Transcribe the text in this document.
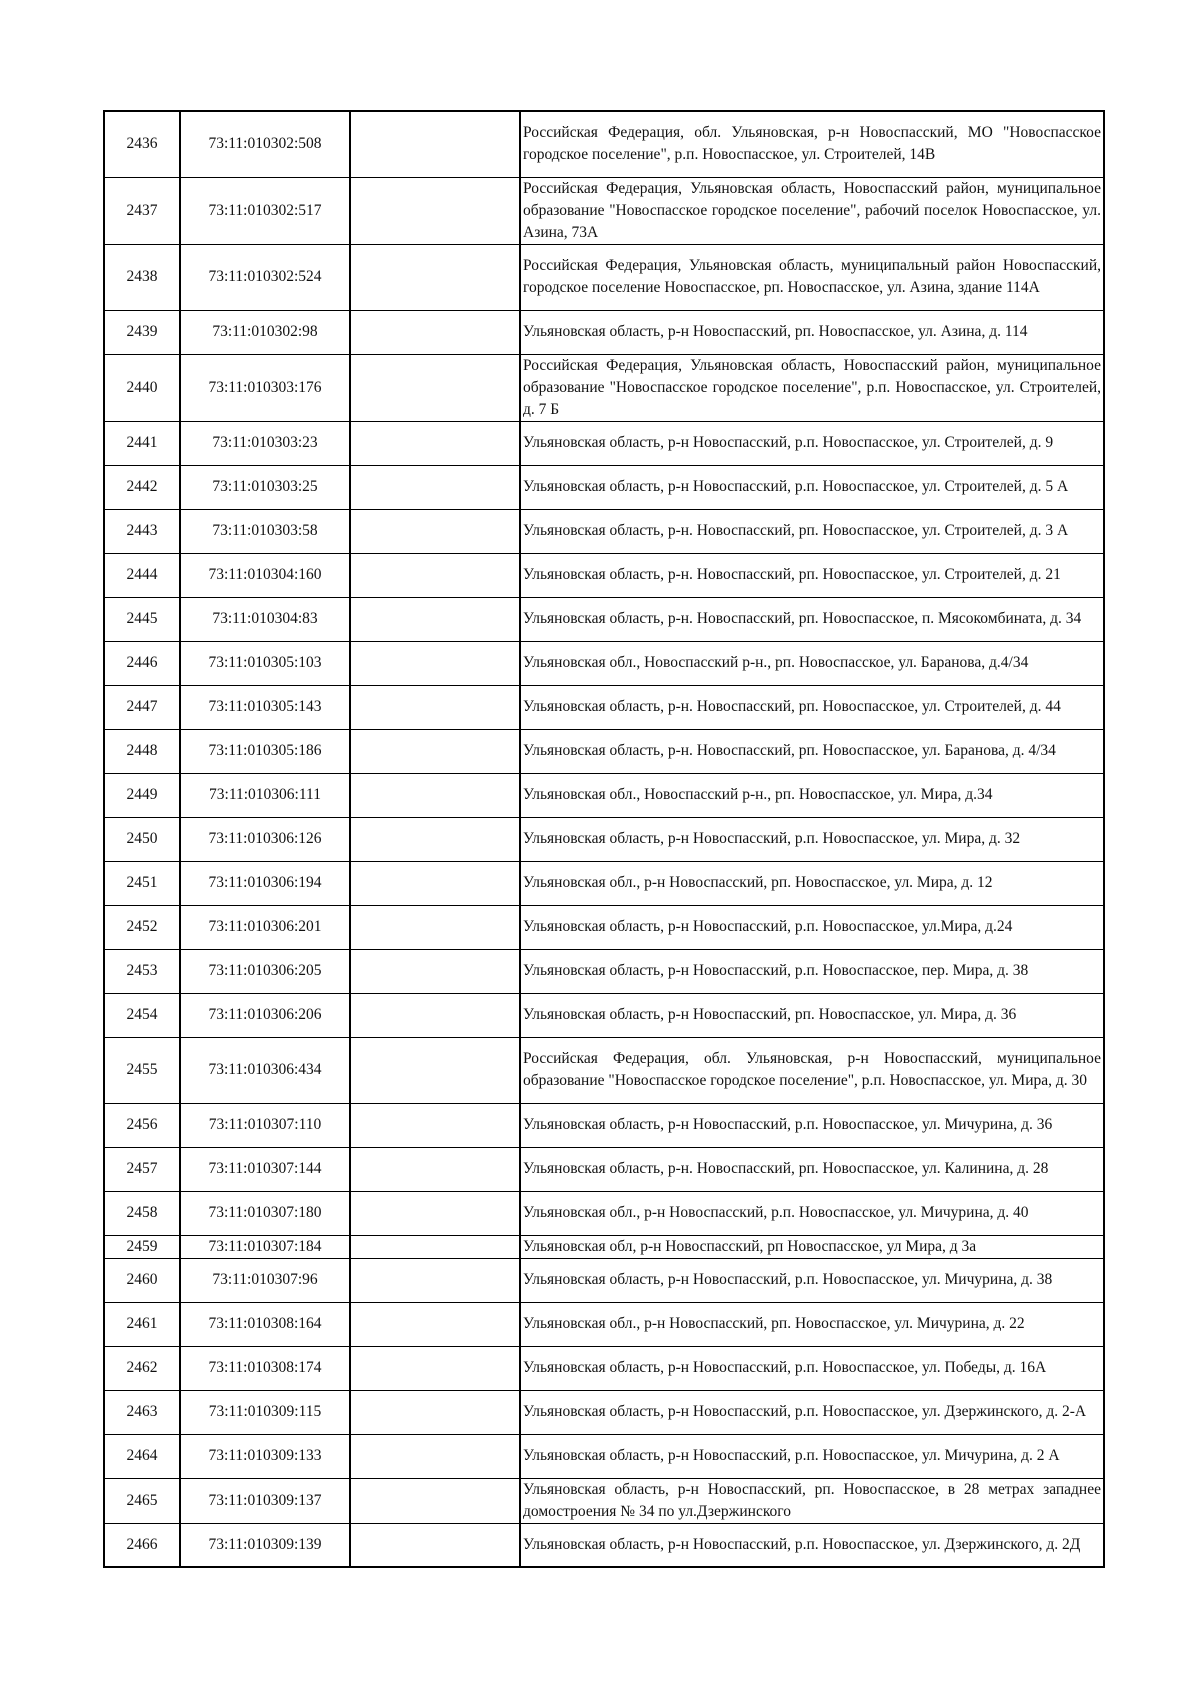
2436	73:11:010302:508		Российская Федерация, обл. Ульяновская, р-н Новоспасский, МО "Новоспасское городское поселение", р.п. Новоспасское, ул. Строителей, 14В
2437	73:11:010302:517		Российская Федерация, Ульяновская область, Новоспасский район, муниципальное образование "Новоспасское городское поселение", рабочий поселок Новоспасское, ул. Азина, 73А
2438	73:11:010302:524		Российская Федерация, Ульяновская область, муниципальный район Новоспасский, городское поселение Новоспасское, рп. Новоспасское, ул. Азина, здание 114А
2439	73:11:010302:98		Ульяновская область, р-н Новоспасский, рп. Новоспасское, ул. Азина, д. 114
2440	73:11:010303:176		Российская Федерация, Ульяновская область, Новоспасский район, муниципальное образование "Новоспасское городское поселение", р.п. Новоспасское, ул. Строителей, д. 7 Б
2441	73:11:010303:23		Ульяновская область, р-н Новоспасский, р.п. Новоспасское, ул. Строителей, д. 9
2442	73:11:010303:25		Ульяновская область, р-н Новоспасский, р.п. Новоспасское, ул. Строителей, д. 5 А
2443	73:11:010303:58		Ульяновская область, р-н. Новоспасский, рп. Новоспасское, ул. Строителей, д. 3 А
2444	73:11:010304:160		Ульяновская область, р-н. Новоспасский, рп. Новоспасское, ул. Строителей, д. 21
2445	73:11:010304:83		Ульяновская область, р-н. Новоспасский, рп. Новоспасское, п. Мясокомбината, д. 34
2446	73:11:010305:103		Ульяновская обл., Новоспасский р-н., рп. Новоспасское, ул. Баранова, д.4/34
2447	73:11:010305:143		Ульяновская область, р-н. Новоспасский, рп. Новоспасское, ул. Строителей, д. 44
2448	73:11:010305:186		Ульяновская область, р-н. Новоспасский, рп. Новоспасское, ул. Баранова, д. 4/34
2449	73:11:010306:111		Ульяновская обл., Новоспасский р-н., рп. Новоспасское, ул. Мира, д.34
2450	73:11:010306:126		Ульяновская область, р-н Новоспасский, р.п. Новоспасское, ул. Мира, д. 32
2451	73:11:010306:194		Ульяновская обл., р-н Новоспасский, рп. Новоспасское, ул. Мира, д. 12
2452	73:11:010306:201		Ульяновская область, р-н Новоспасский, р.п. Новоспасское, ул.Мира, д.24
2453	73:11:010306:205		Ульяновская область, р-н Новоспасский, р.п. Новоспасское, пер. Мира, д. 38
2454	73:11:010306:206		Ульяновская область, р-н Новоспасский, рп. Новоспасское, ул. Мира, д. 36
2455	73:11:010306:434		Российская Федерация, обл. Ульяновская, р-н Новоспасский, муниципальное образование "Новоспасское городское поселение", р.п. Новоспасское, ул. Мира, д. 30
2456	73:11:010307:110		Ульяновская область, р-н Новоспасский, р.п. Новоспасское, ул. Мичурина, д. 36
2457	73:11:010307:144		Ульяновская область, р-н. Новоспасский, рп. Новоспасское, ул. Калинина, д. 28
2458	73:11:010307:180		Ульяновская обл., р-н Новоспасский, р.п. Новоспасское, ул. Мичурина, д. 40
2459	73:11:010307:184		Ульяновская обл, р-н Новоспасский, рп Новоспасское, ул Мира, д 3а
2460	73:11:010307:96		Ульяновская область, р-н Новоспасский, р.п. Новоспасское, ул. Мичурина, д. 38
2461	73:11:010308:164		Ульяновская обл., р-н Новоспасский, рп. Новоспасское, ул. Мичурина, д. 22
2462	73:11:010308:174		Ульяновская область, р-н Новоспасский, р.п. Новоспасское, ул. Победы, д. 16А
2463	73:11:010309:115		Ульяновская область, р-н Новоспасский, р.п. Новоспасское, ул. Дзержинского, д. 2-А
2464	73:11:010309:133		Ульяновская область, р-н Новоспасский, р.п. Новоспасское, ул. Мичурина, д. 2 А
2465	73:11:010309:137		Ульяновская область, р-н Новоспасский, рп. Новоспасское, в 28 метрах западнее домостроения № 34 по ул.Дзержинского
2466	73:11:010309:139		Ульяновская область, р-н Новоспасский, р.п. Новоспасское, ул. Дзержинского, д. 2Д
